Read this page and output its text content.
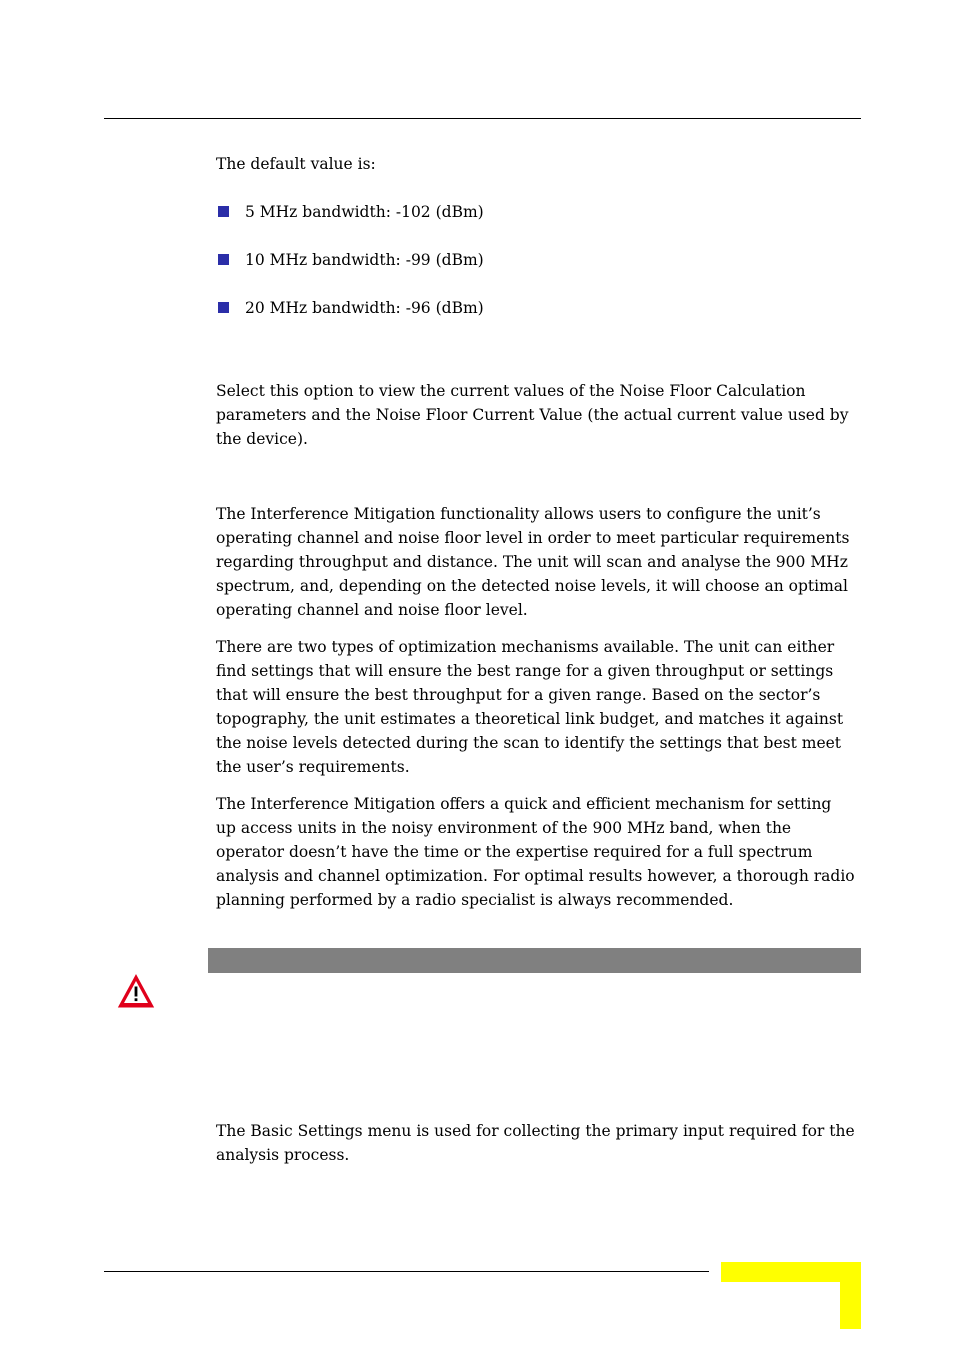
The default value is:

5 MHz bandwidth: -102 (dBm)
10 MHz bandwidth: -99 (dBm)
20 MHz bandwidth: -96 (dBm)

Select this option to view the current values of the Noise Floor Calculation parameters and the Noise Floor Current Value (the actual current value used by the device).

The Interference Mitigation functionality allows users to configure the unit’s operating channel and noise floor level in order to meet particular requirements regarding throughput and distance. The unit will scan and analyse the 900 MHz spectrum, and, depending on the detected noise levels, it will choose an optimal operating channel and noise floor level.

There are two types of optimization mechanisms available. The unit can either find settings that will ensure the best range for a given throughput or settings that will ensure the best throughput for a given range. Based on the sector’s topography, the unit estimates a theoretical link budget, and matches it against the noise levels detected during the scan to identify the settings that best meet the user’s requirements.

The Interference Mitigation offers a quick and efficient mechanism for setting up access units in the noisy environment of the 900 MHz band, when the operator doesn’t have the time or the expertise required for a full spectrum analysis and channel optimization. For optimal results however, a thorough radio planning performed by a radio specialist is always recommended.

The Basic Settings menu is used for collecting the primary input required for the analysis process.
